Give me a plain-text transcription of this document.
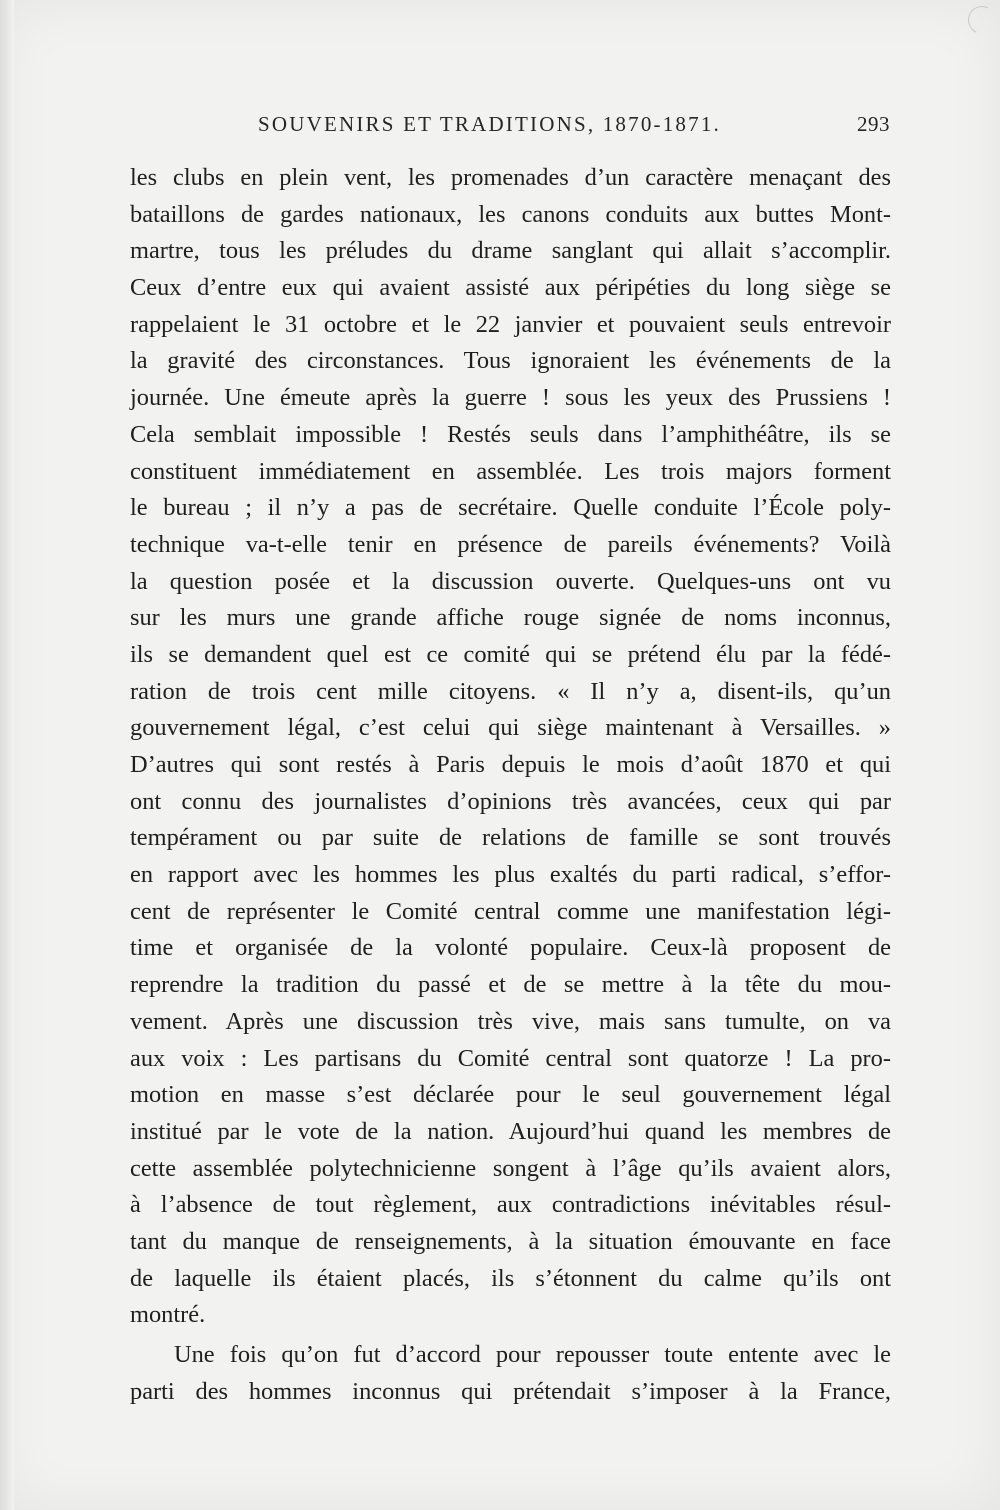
SOUVENIRS ET TRADITIONS, 1870-1871.	293
les clubs en plein vent, les promenades d’un caractère menaçant des
bataillons de gardes nationaux, les canons conduits aux buttes Mont-
martre, tous les préludes du drame sanglant qui allait s’accomplir.
Ceux d’entre eux qui avaient assisté aux péripéties du long siège se
rappelaient le 31 octobre et le 22 janvier et pouvaient seuls entrevoir
la gravité des circonstances. Tous ignoraient les événements de la
journée. Une émeute après la guerre ! sous les yeux des Prussiens !
Cela semblait impossible ! Restés seuls dans l’amphithéâtre, ils se
constituent immédiatement en assemblée. Les trois majors forment
le bureau ; il n’y a pas de secrétaire. Quelle conduite l’École poly-
technique va-t-elle tenir en présence de pareils événements? Voilà
la question posée et la discussion ouverte. Quelques-uns ont vu
sur les murs une grande affiche rouge signée de noms inconnus,
ils se demandent quel est ce comité qui se prétend élu par la fédé-
ration de trois cent mille citoyens. « Il n’y a, disent-ils, qu’un
gouvernement légal, c’est celui qui siège maintenant à Versailles. »
D’autres qui sont restés à Paris depuis le mois d’août 1870 et qui
ont connu des journalistes d’opinions très avancées, ceux qui par
tempérament ou par suite de relations de famille se sont trouvés
en rapport avec les hommes les plus exaltés du parti radical, s’effor-
cent de représenter le Comité central comme une manifestation légi-
time et organisée de la volonté populaire. Ceux-là proposent de
reprendre la tradition du passé et de se mettre à la tête du mou-
vement. Après une discussion très vive, mais sans tumulte, on va
aux voix : Les partisans du Comité central sont quatorze ! La pro-
motion en masse s’est déclarée pour le seul gouvernement légal
institué par le vote de la nation. Aujourd’hui quand les membres de
cette assemblée polytechnicienne songent à l’âge qu’ils avaient alors,
à l’absence de tout règlement, aux contradictions inévitables résul-
tant du manque de renseignements, à la situation émouvante en face
de laquelle ils étaient placés, ils s’étonnent du calme qu’ils ont
montré.
Une fois qu’on fut d’accord pour repousser toute entente avec le
parti des hommes inconnus qui prétendait s’imposer à la France,
